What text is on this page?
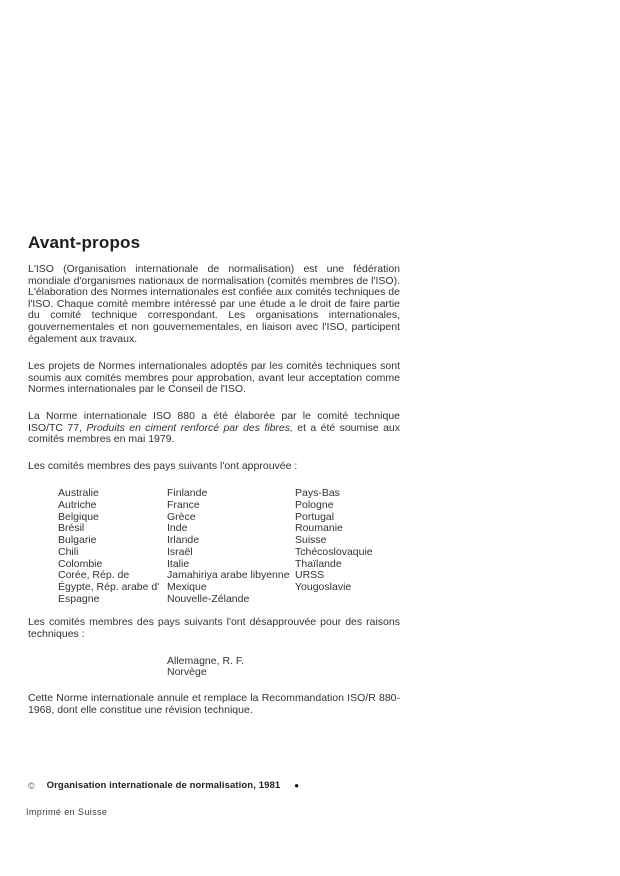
Avant-propos

L'ISO (Organisation internationale de normalisation) est une fédération mondiale d'organismes nationaux de normalisation (comités membres de l'ISO). L'élaboration des Normes internationales est confiée aux comités techniques de l'ISO. Chaque comité membre intéressé par une étude a le droit de faire partie du comité technique correspondant. Les organisations internationales, gouvernementales et non gouvernementales, en liaison avec l'ISO, participent également aux travaux.

Les projets de Normes internationales adoptés par les comités techniques sont soumis aux comités membres pour approbation, avant leur acceptation comme Normes internationales par le Conseil de l'ISO.

La Norme internationale ISO 880 a été élaborée par le comité technique ISO/TC 77, Produits en ciment renforcé par des fibres, et a été soumise aux comités membres en mai 1979.

Les comités membres des pays suivants l'ont approuvée :

Australie
Autriche
Belgique
Brésil
Bulgarie
Chili
Colombie
Corée, Rép. de
Égypte, Rép. arabe d'
Espagne
Finlande
France
Grèce
Inde
Irlande
Israël
Italie
Jamahiriya arabe libyenne
Mexique
Nouvelle-Zélande
Pays-Bas
Pologne
Portugal
Roumanie
Suisse
Tchécoslovaquie
Thaïlande
URSS
Yougoslavie

Les comités membres des pays suivants l'ont désapprouvée pour des raisons techniques :

Allemagne, R. F.
Norvège

Cette Norme internationale annule et remplace la Recommandation ISO/R 880-1968, dont elle constitue une révision technique.

© Organisation internationale de normalisation, 1981 ●
Imprimé en Suisse
